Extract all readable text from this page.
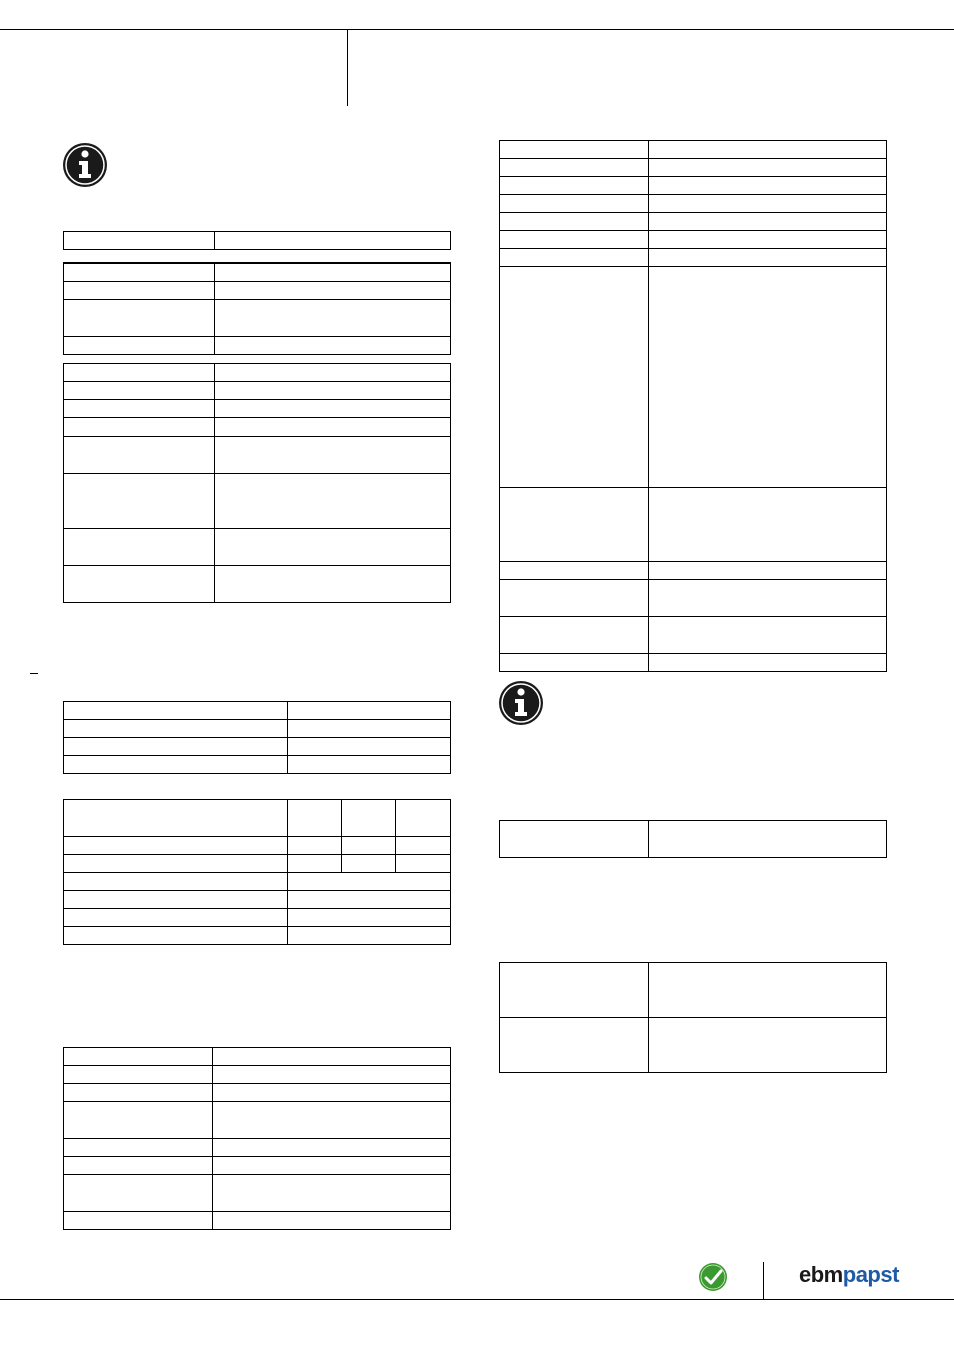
ebmpapst
